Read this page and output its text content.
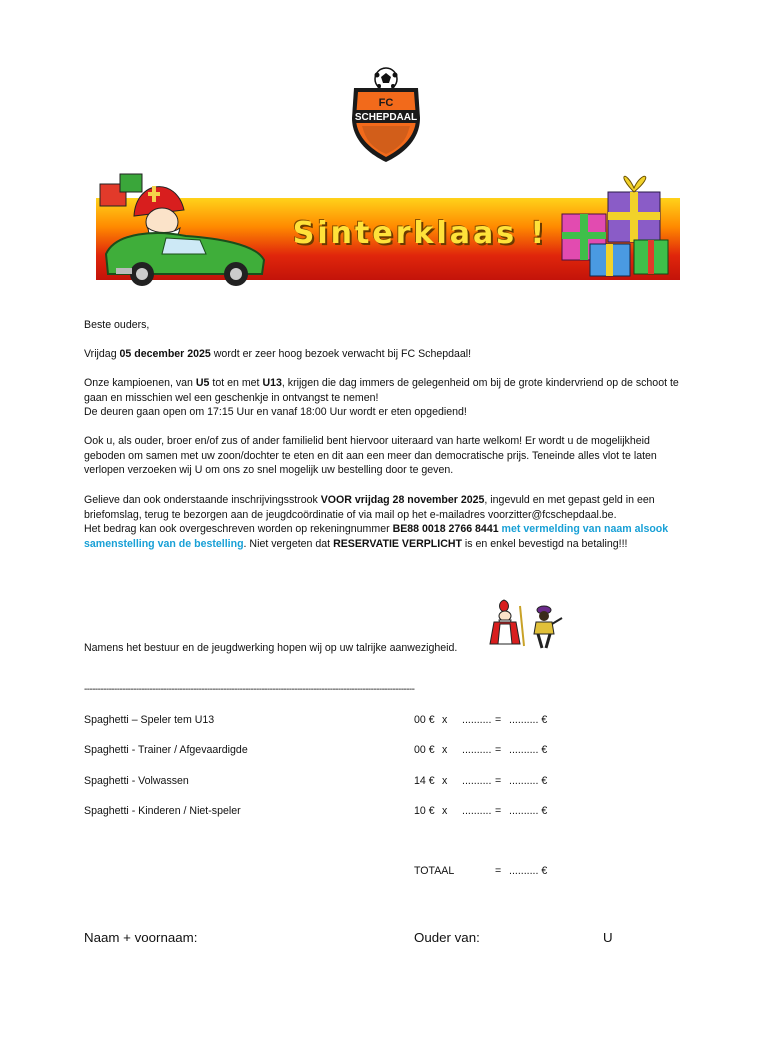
FC
SCHEPDAAL
Sinterklaas !
Beste ouders,
Vrijdag 05 december 2025 wordt er zeer hoog bezoek verwacht bij FC Schepdaal!
Onze kampioenen, van U5 tot en met U13, krijgen die dag immers de gelegenheid om bij de grote kindervriend op de schoot te gaan en misschien wel een geschenkje in ontvangst te nemen!
De deuren gaan open om 17:15 Uur en vanaf 18:00 Uur wordt er eten opgediend!
Ook u, als ouder, broer en/of zus of ander familielid bent hiervoor uiteraard van harte welkom! Er wordt u de mogelijkheid geboden om samen met uw zoon/dochter te eten en dit aan een meer dan democratische prijs. Teneinde alles vlot te laten verlopen verzoeken wij U om ons zo snel mogelijk uw bestelling door te geven.
Gelieve dan ook onderstaande inschrijvingsstrook VOOR vrijdag 28 november 2025, ingevuld en met gepast geld in een briefomslag, terug te bezorgen aan de jeugdcoördinatie of via mail op het e-mailadres voorzitter@fcschepdaal.be.
Het bedrag kan ook overgeschreven worden op rekeningnummer BE88 0018 2766 8441 met vermelding van naam alsook samenstelling van de bestelling. Niet vergeten dat RESERVATIE VERPLICHT is en enkel bevestigd na betaling!!!
Namens het bestuur en de jeugdwerking hopen wij op uw talrijke aanwezigheid.
-------------------------------------------------------------------------------------------------------------------------
Spaghetti – Speler tem U13	00 € x .......... = .......... €
Spaghetti - Trainer / Afgevaardigde	00 € x .......... = .......... €
Spaghetti - Volwassen	14 € x .......... = .......... €
Spaghetti - Kinderen / Niet-speler	10 € x .......... = .......... €
TOTAAL	= .......... €
Naam + voornaam:	Ouder van:	U
